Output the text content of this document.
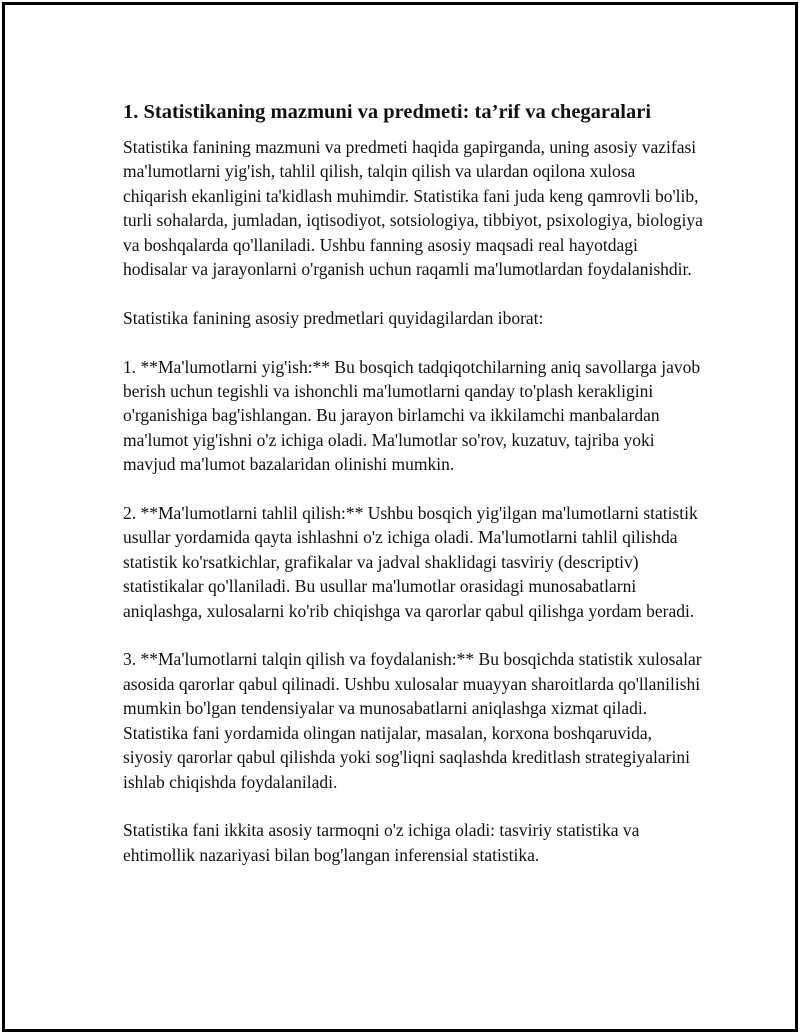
1. Statistikaning mazmuni va predmeti: ta’rif va chegaralari

Statistika fanining mazmuni va predmeti haqida gapirganda, uning asosiy vazifasi ma'lumotlarni yig'ish, tahlil qilish, talqin qilish va ulardan oqilona xulosa chiqarish ekanligini ta'kidlash muhimdir. Statistika fani juda keng qamrovli bo'lib, turli sohalarda, jumladan, iqtisodiyot, sotsiologiya, tibbiyot, psixologiya, biologiya va boshqalarda qo'llaniladi. Ushbu fanning asosiy maqsadi real hayotdagi hodisalar va jarayonlarni o'rganish uchun raqamli ma'lumotlardan foydalanishdir.

Statistika fanining asosiy predmetlari quyidagilardan iborat:

1. **Ma'lumotlarni yig'ish:** Bu bosqich tadqiqotchilarning aniq savollarga javob berish uchun tegishli va ishonchli ma'lumotlarni qanday to'plash kerakligini o'rganishiga bag'ishlangan. Bu jarayon birlamchi va ikkilamchi manbalardan ma'lumot yig'ishni o'z ichiga oladi. Ma'lumotlar so'rov, kuzatuv, tajriba yoki mavjud ma'lumot bazalaridan olinishi mumkin.

2. **Ma'lumotlarni tahlil qilish:** Ushbu bosqich yig'ilgan ma'lumotlarni statistik usullar yordamida qayta ishlashni o'z ichiga oladi. Ma'lumotlarni tahlil qilishda statistik ko'rsatkichlar, grafikalar va jadval shaklidagi tasviriy (descriptiv) statistikalar qo'llaniladi. Bu usullar ma'lumotlar orasidagi munosabatlarni aniqlashga, xulosalarni ko'rib chiqishga va qarorlar qabul qilishga yordam beradi.

3. **Ma'lumotlarni talqin qilish va foydalanish:** Bu bosqichda statistik xulosalar asosida qarorlar qabul qilinadi. Ushbu xulosalar muayyan sharoitlarda qo'llanilishi mumkin bo'lgan tendensiyalar va munosabatlarni aniqlashga xizmat qiladi. Statistika fani yordamida olingan natijalar, masalan, korxona boshqaruvida, siyosiy qarorlar qabul qilishda yoki sog'liqni saqlashda kreditlash strategiyalarini ishlab chiqishda foydalaniladi.

Statistika fani ikkita asosiy tarmoqni o'z ichiga oladi: tasviriy statistika va ehtimollik nazariyasi bilan bog'langan inferensial statistika.
